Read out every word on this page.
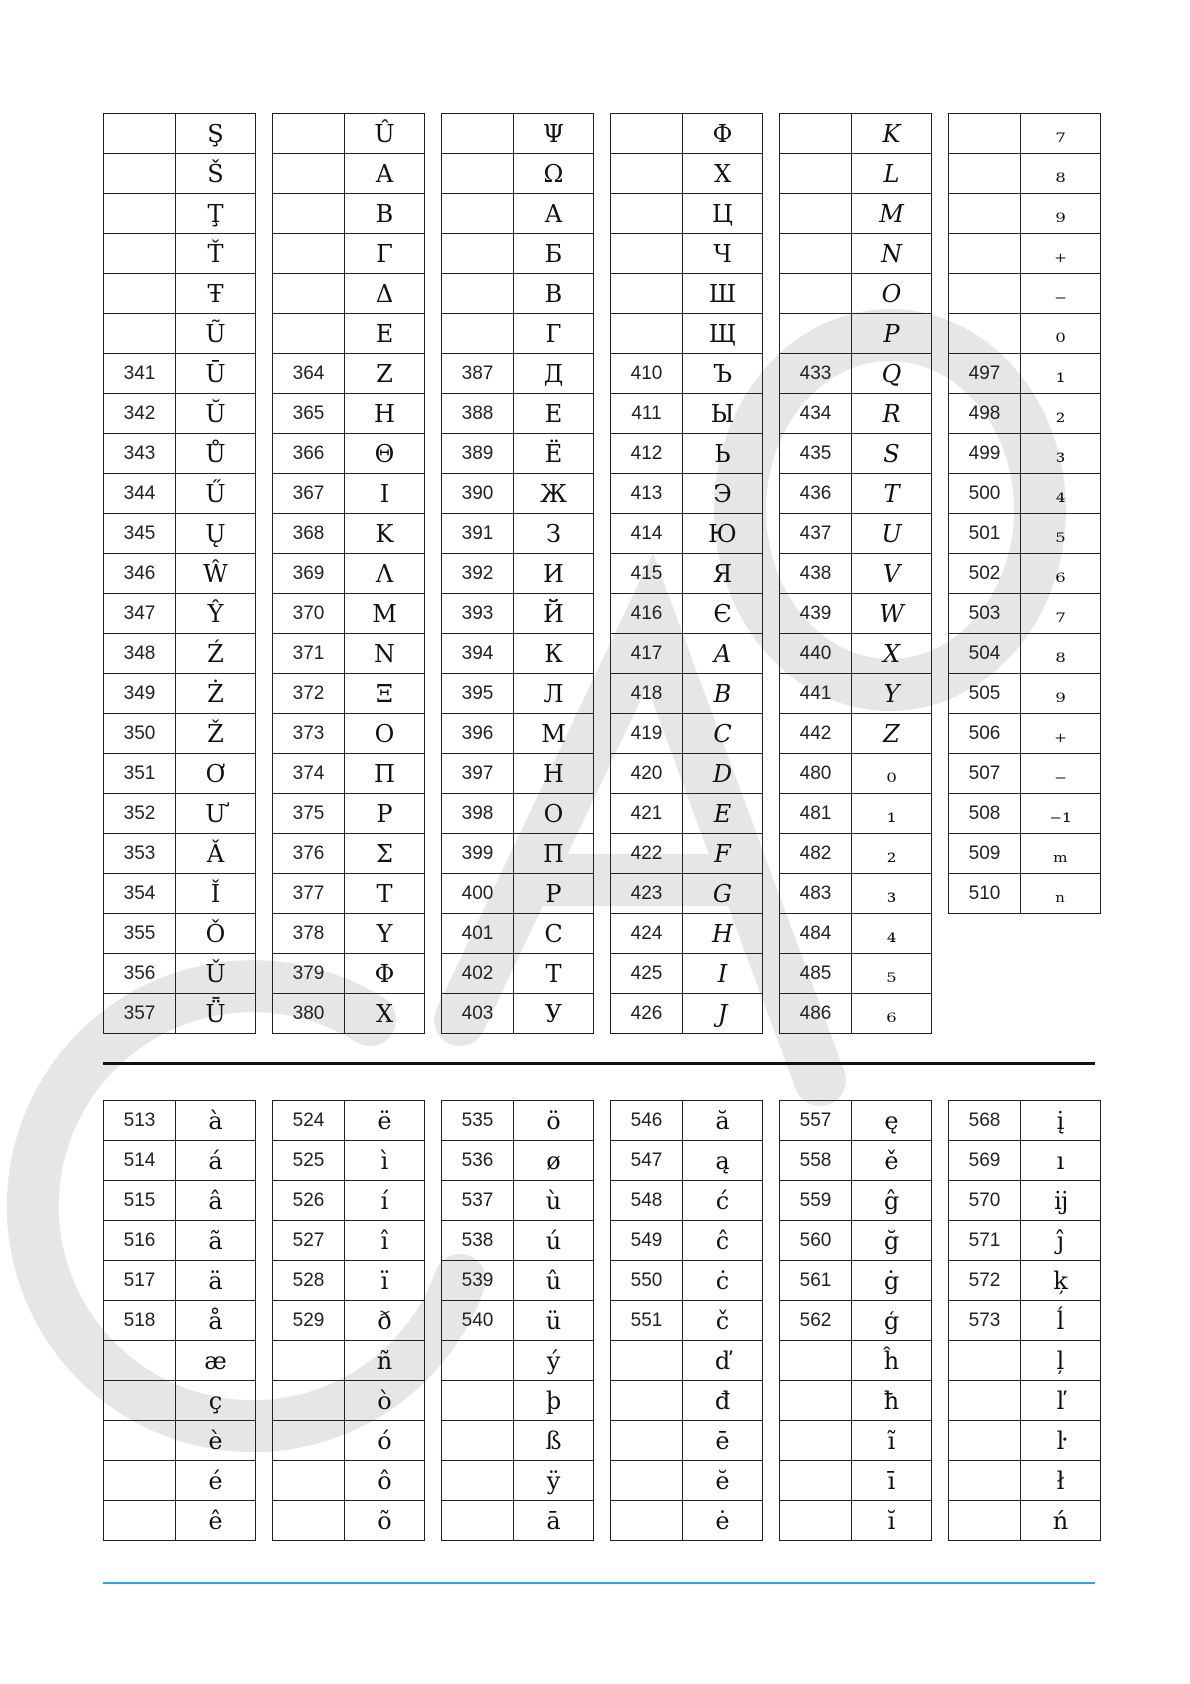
CASIO
	Ş
	Š
	Ţ
	Ť
	Ŧ
	Ũ
341	Ū
342	Ŭ
343	Ů
344	Ű
345	Ų
346	Ŵ
347	Ŷ
348	Ź
349	Ż
350	Ž
351	Ơ
352	Ư
353	Ǎ
354	Ǐ
355	Ǒ
356	Ǔ
357	Ǖ
	Û
	Α
	Β
	Γ
	Δ
	Ε
364	Ζ
365	Η
366	Θ
367	Ι
368	Κ
369	Λ
370	Μ
371	Ν
372	Ξ
373	Ο
374	Π
375	Ρ
376	Σ
377	Τ
378	Υ
379	Φ
380	Χ
	Ψ
	Ω
	А
	Б
	В
	Г
387	Д
388	Е
389	Ё
390	Ж
391	З
392	И
393	Й
394	К
395	Л
396	М
397	Н
398	О
399	П
400	Р
401	С
402	Т
403	У
	Ф
	Х
	Ц
	Ч
	Ш
	Щ
410	Ъ
411	Ы
412	Ь
413	Э
414	Ю
415	Я
416	Є
417	𝐴
418	𝐵
419	𝐶
420	𝐷
421	𝐸
422	𝐹
423	𝐺
424	𝐻
425	𝐼
426	𝐽
	𝐾
	𝐿
	𝑀
	𝑁
	𝑂
	𝑃
433	𝑄
434	𝑅
435	𝑆
436	𝑇
437	𝑈
438	𝑉
439	𝑊
440	𝑋
441	𝑌
442	𝑍
480	₀
481	₁
482	₂
483	₃
484	₄
485	₅
486	₆
	₇
	₈
	₉
	₊
	₋
	₀
497	₁
498	₂
499	₃
500	₄
501	₅
502	₆
503	₇
504	₈
505	₉
506	₊
507	₋
508	₋₁
509	ₘ
510	ₙ
513	à
514	á
515	â
516	ã
517	ä
518	å
	æ
	ç
	è
	é
	ê
524	ë
525	ì
526	í
527	î
528	ï
529	ð
	ñ
	ò
	ó
	ô
	õ
535	ö
536	ø
537	ù
538	ú
539	û
540	ü
	ý
	þ
	ß
	ÿ
	ā
546	ă
547	ą
548	ć
549	ĉ
550	ċ
551	č
	ď
	đ
	ē
	ĕ
	ė
557	ę
558	ě
559	ĝ
560	ğ
561	ġ
562	ģ
	ĥ
	ħ
	ĩ
	ī
	ĭ
568	į
569	ı
570	ĳ
571	ĵ
572	ķ
573	ĺ
	ļ
	ľ
	ŀ
	ł
	ń
